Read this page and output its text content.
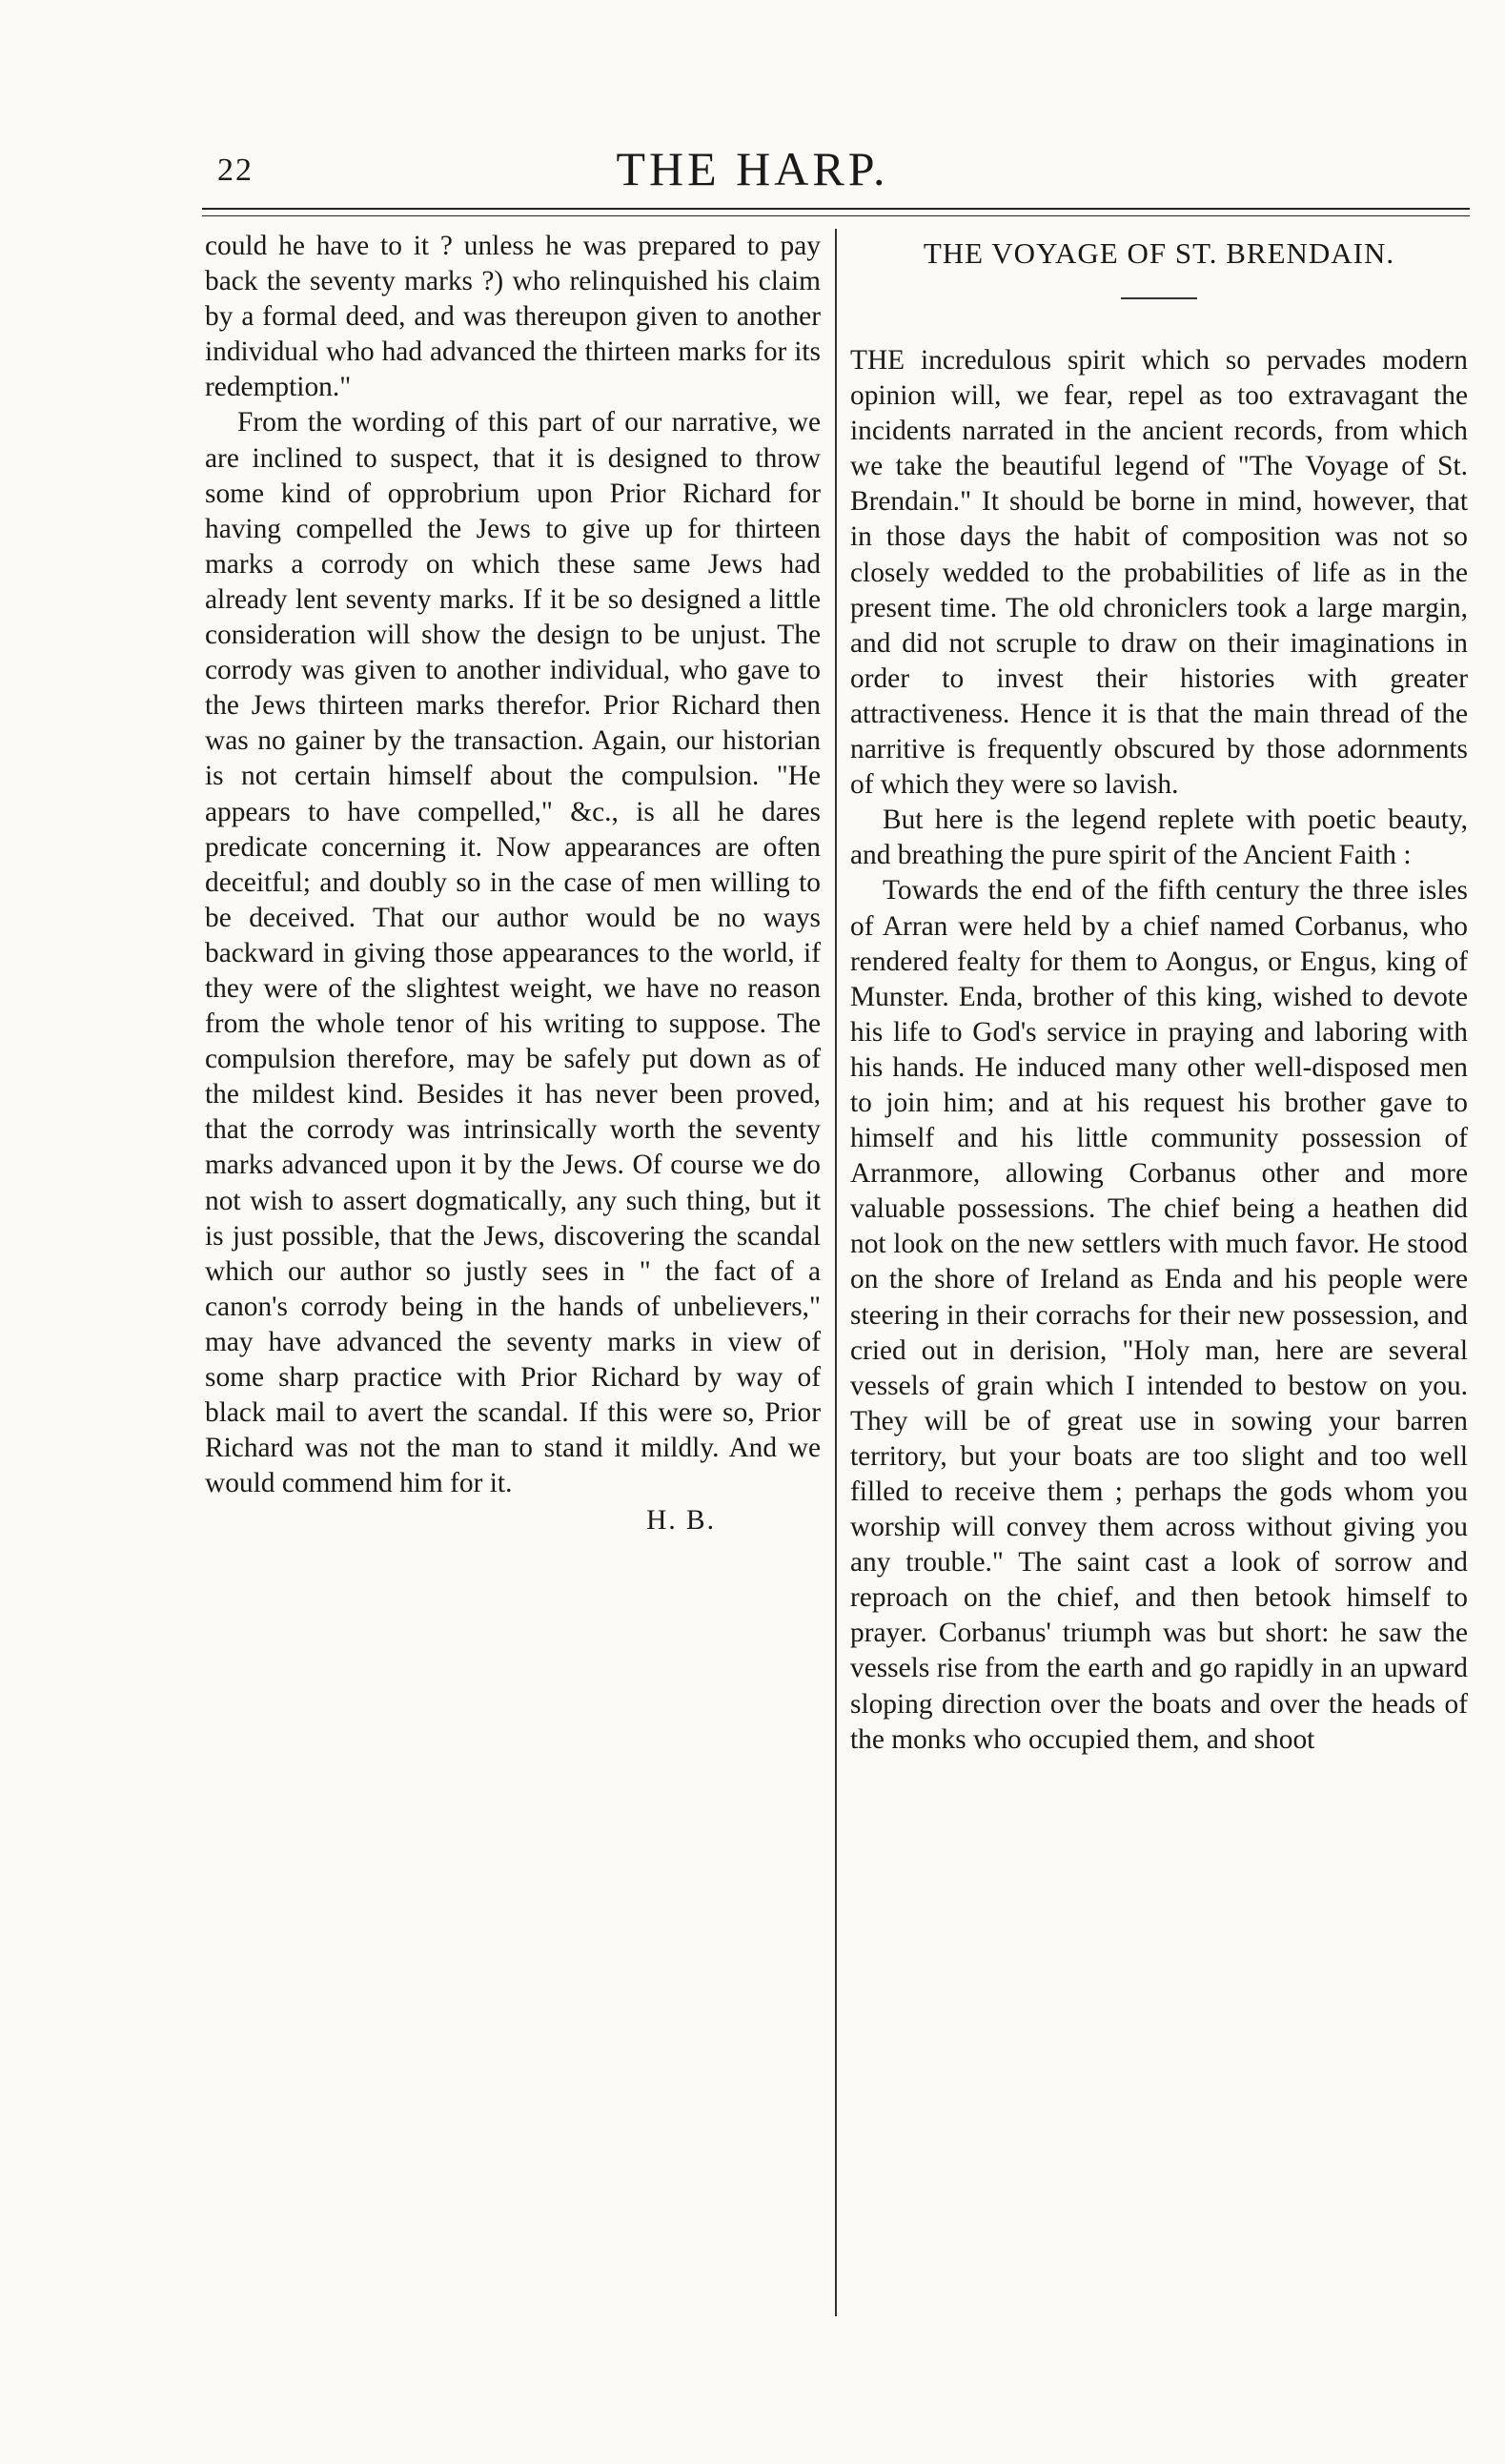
22	THE HARP.

could he have to it ? unless he was prepared to pay back the seventy marks ?) who relinquished his claim by a formal deed, and was thereupon given to another individual who had advanced the thirteen marks for its redemption."

From the wording of this part of our narrative, we are inclined to suspect, that it is designed to throw some kind of opprobrium upon Prior Richard for having compelled the Jews to give up for thirteen marks a corrody on which these same Jews had already lent seventy marks. If it be so designed a little consideration will show the design to be unjust. The corrody was given to another individual, who gave to the Jews thirteen marks therefor. Prior Richard then was no gainer by the transaction. Again, our historian is not certain himself about the compulsion. "He appears to have compelled," &c., is all he dares predicate concerning it. Now appearances are often deceitful; and doubly so in the case of men willing to be deceived. That our author would be no ways backward in giving those appearances to the world, if they were of the slightest weight, we have no reason from the whole tenor of his writing to suppose. The compulsion therefore, may be safely put down as of the mildest kind. Besides it has never been proved, that the corrody was intrinsically worth the seventy marks advanced upon it by the Jews. Of course we do not wish to assert dogmatically, any such thing, but it is just possible, that the Jews, discovering the scandal which our author so justly sees in " the fact of a canon's corrody being in the hands of unbelievers," may have advanced the seventy marks in view of some sharp practice with Prior Richard by way of black mail to avert the scandal. If this were so, Prior Richard was not the man to stand it mildly. And we would commend him for it.

H. B.
THE VOYAGE OF ST. BRENDAIN.

THE incredulous spirit which so pervades modern opinion will, we fear, repel as too extravagant the incidents narrated in the ancient records, from which we take the beautiful legend of "The Voyage of St. Brendain." It should be borne in mind, however, that in those days the habit of composition was not so closely wedded to the probabilities of life as in the present time. The old chroniclers took a large margin, and did not scruple to draw on their imaginations in order to invest their histories with greater attractiveness. Hence it is that the main thread of the narritive is frequently obscured by those adornments of which they were so lavish.

But here is the legend replete with poetic beauty, and breathing the pure spirit of the Ancient Faith :

Towards the end of the fifth century the three isles of Arran were held by a chief named Corbanus, who rendered fealty for them to Aongus, or Engus, king of Munster. Enda, brother of this king, wished to devote his life to God's service in praying and laboring with his hands. He induced many other well-disposed men to join him; and at his request his brother gave to himself and his little community possession of Arranmore, allowing Corbanus other and more valuable possessions. The chief being a heathen did not look on the new settlers with much favor. He stood on the shore of Ireland as Enda and his people were steering in their corrachs for their new possession, and cried out in derision, "Holy man, here are several vessels of grain which I intended to bestow on you. They will be of great use in sowing your barren territory, but your boats are too slight and too well filled to receive them ; perhaps the gods whom you worship will convey them across without giving you any trouble." The saint cast a look of sorrow and reproach on the chief, and then betook himself to prayer. Corbanus' triumph was but short: he saw the vessels rise from the earth and go rapidly in an upward sloping direction over the boats and over the heads of the monks who occupied them, and shoot
